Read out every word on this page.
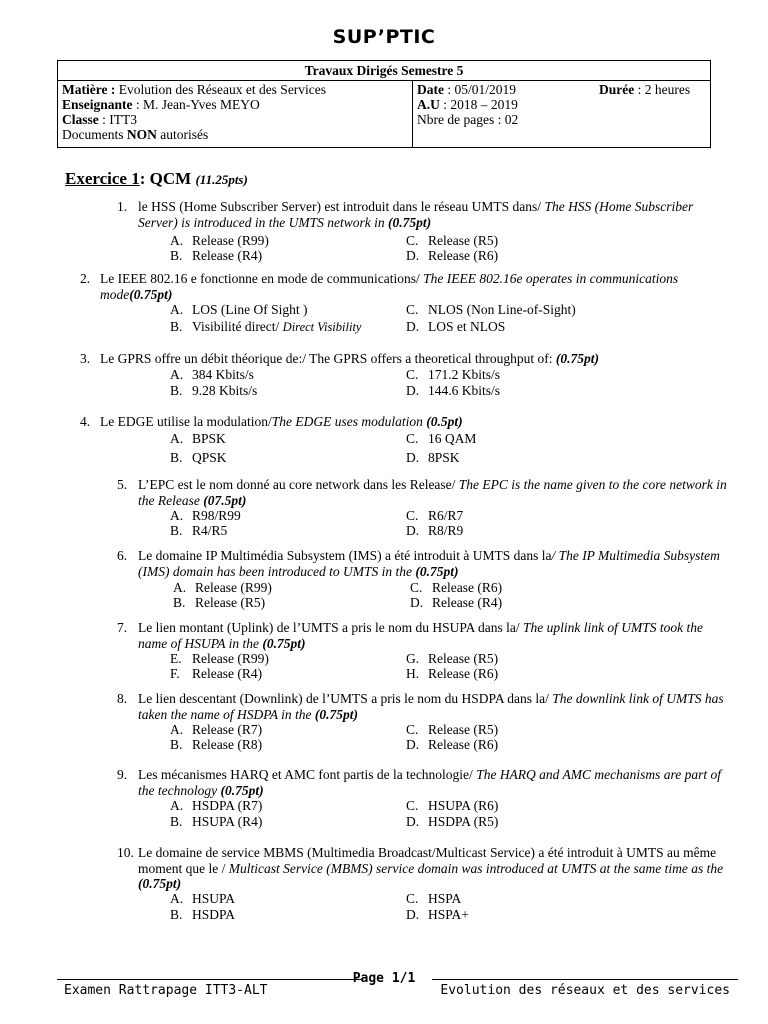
SUP’PTIC
Travaux Dirigés Semestre 5

Matière : Evolution des Réseaux et des Services
Enseignante : M. Jean-Yves MEYO
Classe : ITT3
Documents NON autorisés

Date : 05/01/2019	Durée : 2 heures
A.U : 2018 – 2019
Nbre de pages : 02
Exercice 1: QCM (11.25pts)
1. le HSS (Home Subscriber Server) est introduit dans le réseau UMTS dans/ The HSS (Home Subscriber Server) is introduced in the UMTS network in (0.75pt)
A. Release (R99)	C. Release (R5)
B. Release (R4)	D. Release (R6)
2. Le IEEE 802.16 e fonctionne en mode de communications/ The IEEE 802.16e operates in communications mode(0.75pt)
A. LOS (Line Of Sight )	C. NLOS (Non Line-of-Sight)
B. Visibilité direct/ Direct Visibility	D. LOS et NLOS
3. Le GPRS offre un débit théorique de:/ The GPRS offers a theoretical throughput of: (0.75pt)
A. 384 Kbits/s	C. 171.2 Kbits/s
B. 9.28 Kbits/s	D. 144.6 Kbits/s
4. Le EDGE utilise la modulation/The EDGE uses modulation (0.5pt)
A. BPSK	C. 16 QAM
B. QPSK	D. 8PSK
5. L’EPC est le nom donné au core network dans les Release/ The EPC is the name given to the core network in the Release (07.5pt)
A. R98/R99	C. R6/R7
B. R4/R5	D. R8/R9
6. Le domaine IP Multimédia Subsystem (IMS) a été introduit à UMTS dans la/ The IP Multimedia Subsystem (IMS) domain has been introduced to UMTS in the (0.75pt)
A. Release (R99)	C. Release (R6)
B. Release (R5)	D. Release (R4)
7. Le lien montant (Uplink) de l’UMTS a pris le nom du HSUPA dans la/ The uplink link of UMTS took the name of HSUPA in the (0.75pt)
E. Release (R99)	G. Release (R5)
F. Release (R4)	H. Release (R6)
8. Le lien descentant (Downlink) de l’UMTS a pris le nom du HSDPA dans la/ The downlink link of UMTS has taken the name of HSDPA in the (0.75pt)
A. Release (R7)	C. Release (R5)
B. Release (R8)	D. Release (R6)
9. Les mécanismes HARQ et AMC font partis de la technologie/ The HARQ and AMC mechanisms are part of the technology (0.75pt)
A. HSDPA (R7)	C. HSUPA (R6)
B. HSUPA (R4)	D. HSDPA (R5)
10. Le domaine de service MBMS (Multimedia Broadcast/Multicast Service) a été introduit à UMTS au même moment que le / Multicast Service (MBMS) service domain was introduced at UMTS at the same time as the (0.75pt)
A. HSUPA	C. HSPA
B. HSDPA	D. HSPA+
Page 1/1
Examen Rattrapage ITT3-ALT	Evolution des réseaux et des services
